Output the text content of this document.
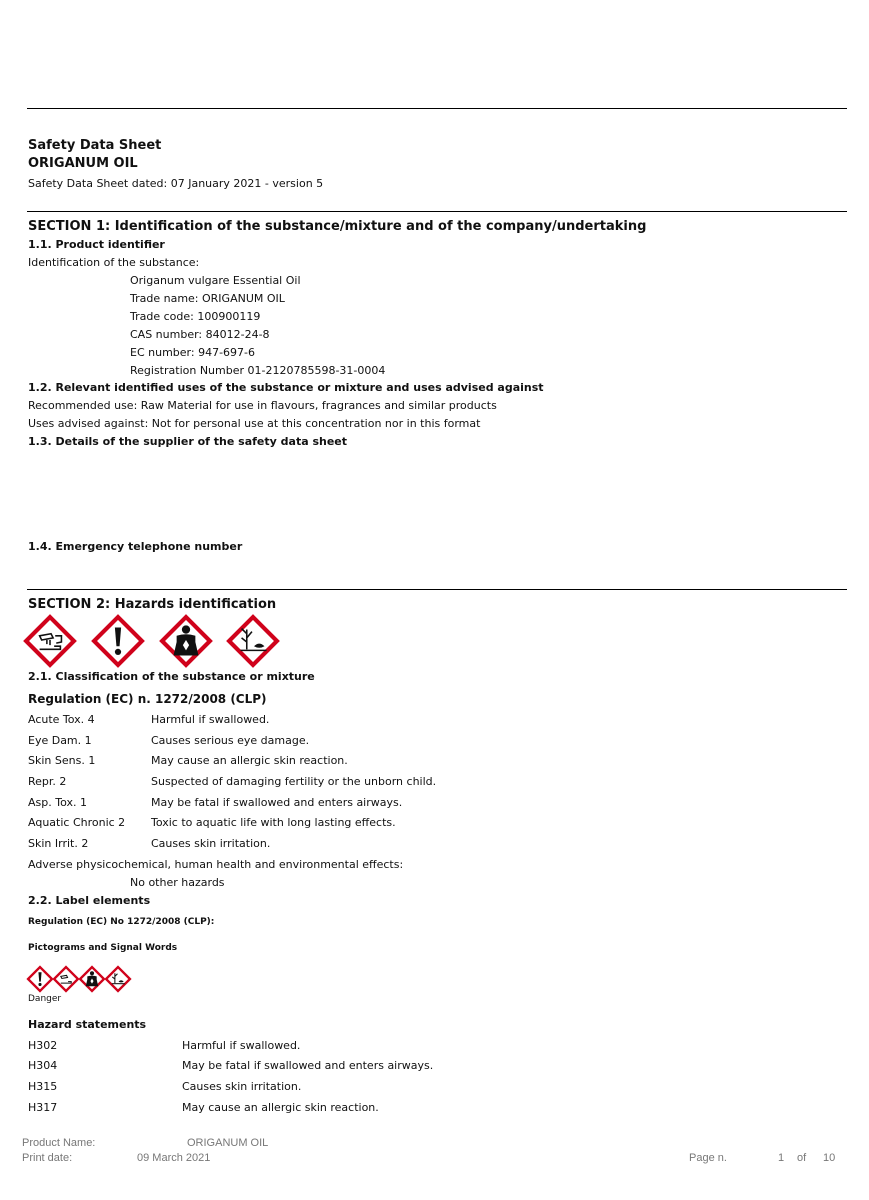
Safety Data Sheet
ORIGANUM OIL
Safety Data Sheet dated: 07 January 2021 - version 5
SECTION 1: Identification of the substance/mixture and of the company/undertaking
1.1. Product identifier
Identification of the substance:
Origanum vulgare Essential Oil
Trade name: ORIGANUM OIL
Trade code: 100900119
CAS number: 84012-24-8
EC number: 947-697-6
Registration Number 01-2120785598-31-0004
1.2. Relevant identified uses of the substance or mixture and uses advised against
Recommended use: Raw Material for use in flavours, fragrances and similar products
Uses advised against: Not for personal use at this concentration nor in this format
1.3. Details of the supplier of the safety data sheet
1.4. Emergency telephone number
SECTION 2: Hazards identification
2.1. Classification of the substance or mixture
Regulation (EC) n. 1272/2008 (CLP)
Acute Tox. 4	Harmful if swallowed.
Eye Dam. 1	Causes serious eye damage.
Skin Sens. 1	May cause an allergic skin reaction.
Repr. 2	Suspected of damaging fertility or the unborn child.
Asp. Tox. 1	May be fatal if swallowed and enters airways.
Aquatic Chronic 2 Toxic to aquatic life with long lasting effects.
Skin Irrit. 2	Causes skin irritation.
Adverse physicochemical, human health and environmental effects:
No other hazards
2.2. Label elements
Regulation (EC) No 1272/2008 (CLP):
Pictograms and Signal Words
Danger
Hazard statements
H302	Harmful if swallowed.
H304	May be fatal if swallowed and enters airways.
H315	Causes skin irritation.
H317	May cause an allergic skin reaction.
Product Name:	ORIGANUM OIL
Print date:	09 March 2021	Page n.	1 of 10
